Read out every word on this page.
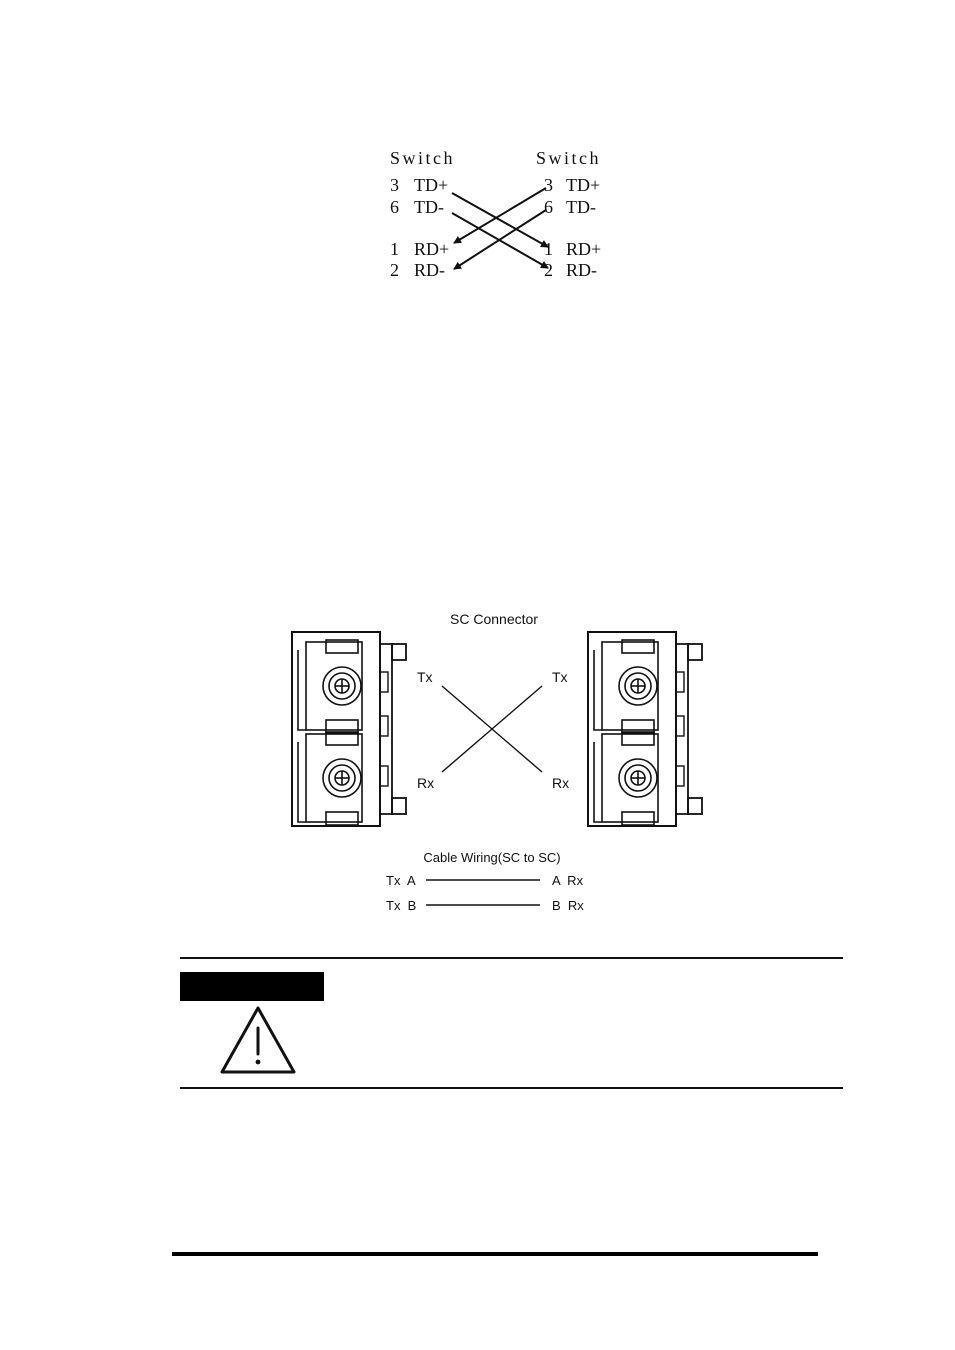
Switch	Switch
3 TD+
6 TD-
1 RD+
2 RD-
3 TD+
6 TD-
1 RD+
2 RD-
SC Connector
Tx
Rx
Tx
Rx
Cable Wiring(SC to SC)
Tx  A	A  Rx
Tx  B	B  Rx
